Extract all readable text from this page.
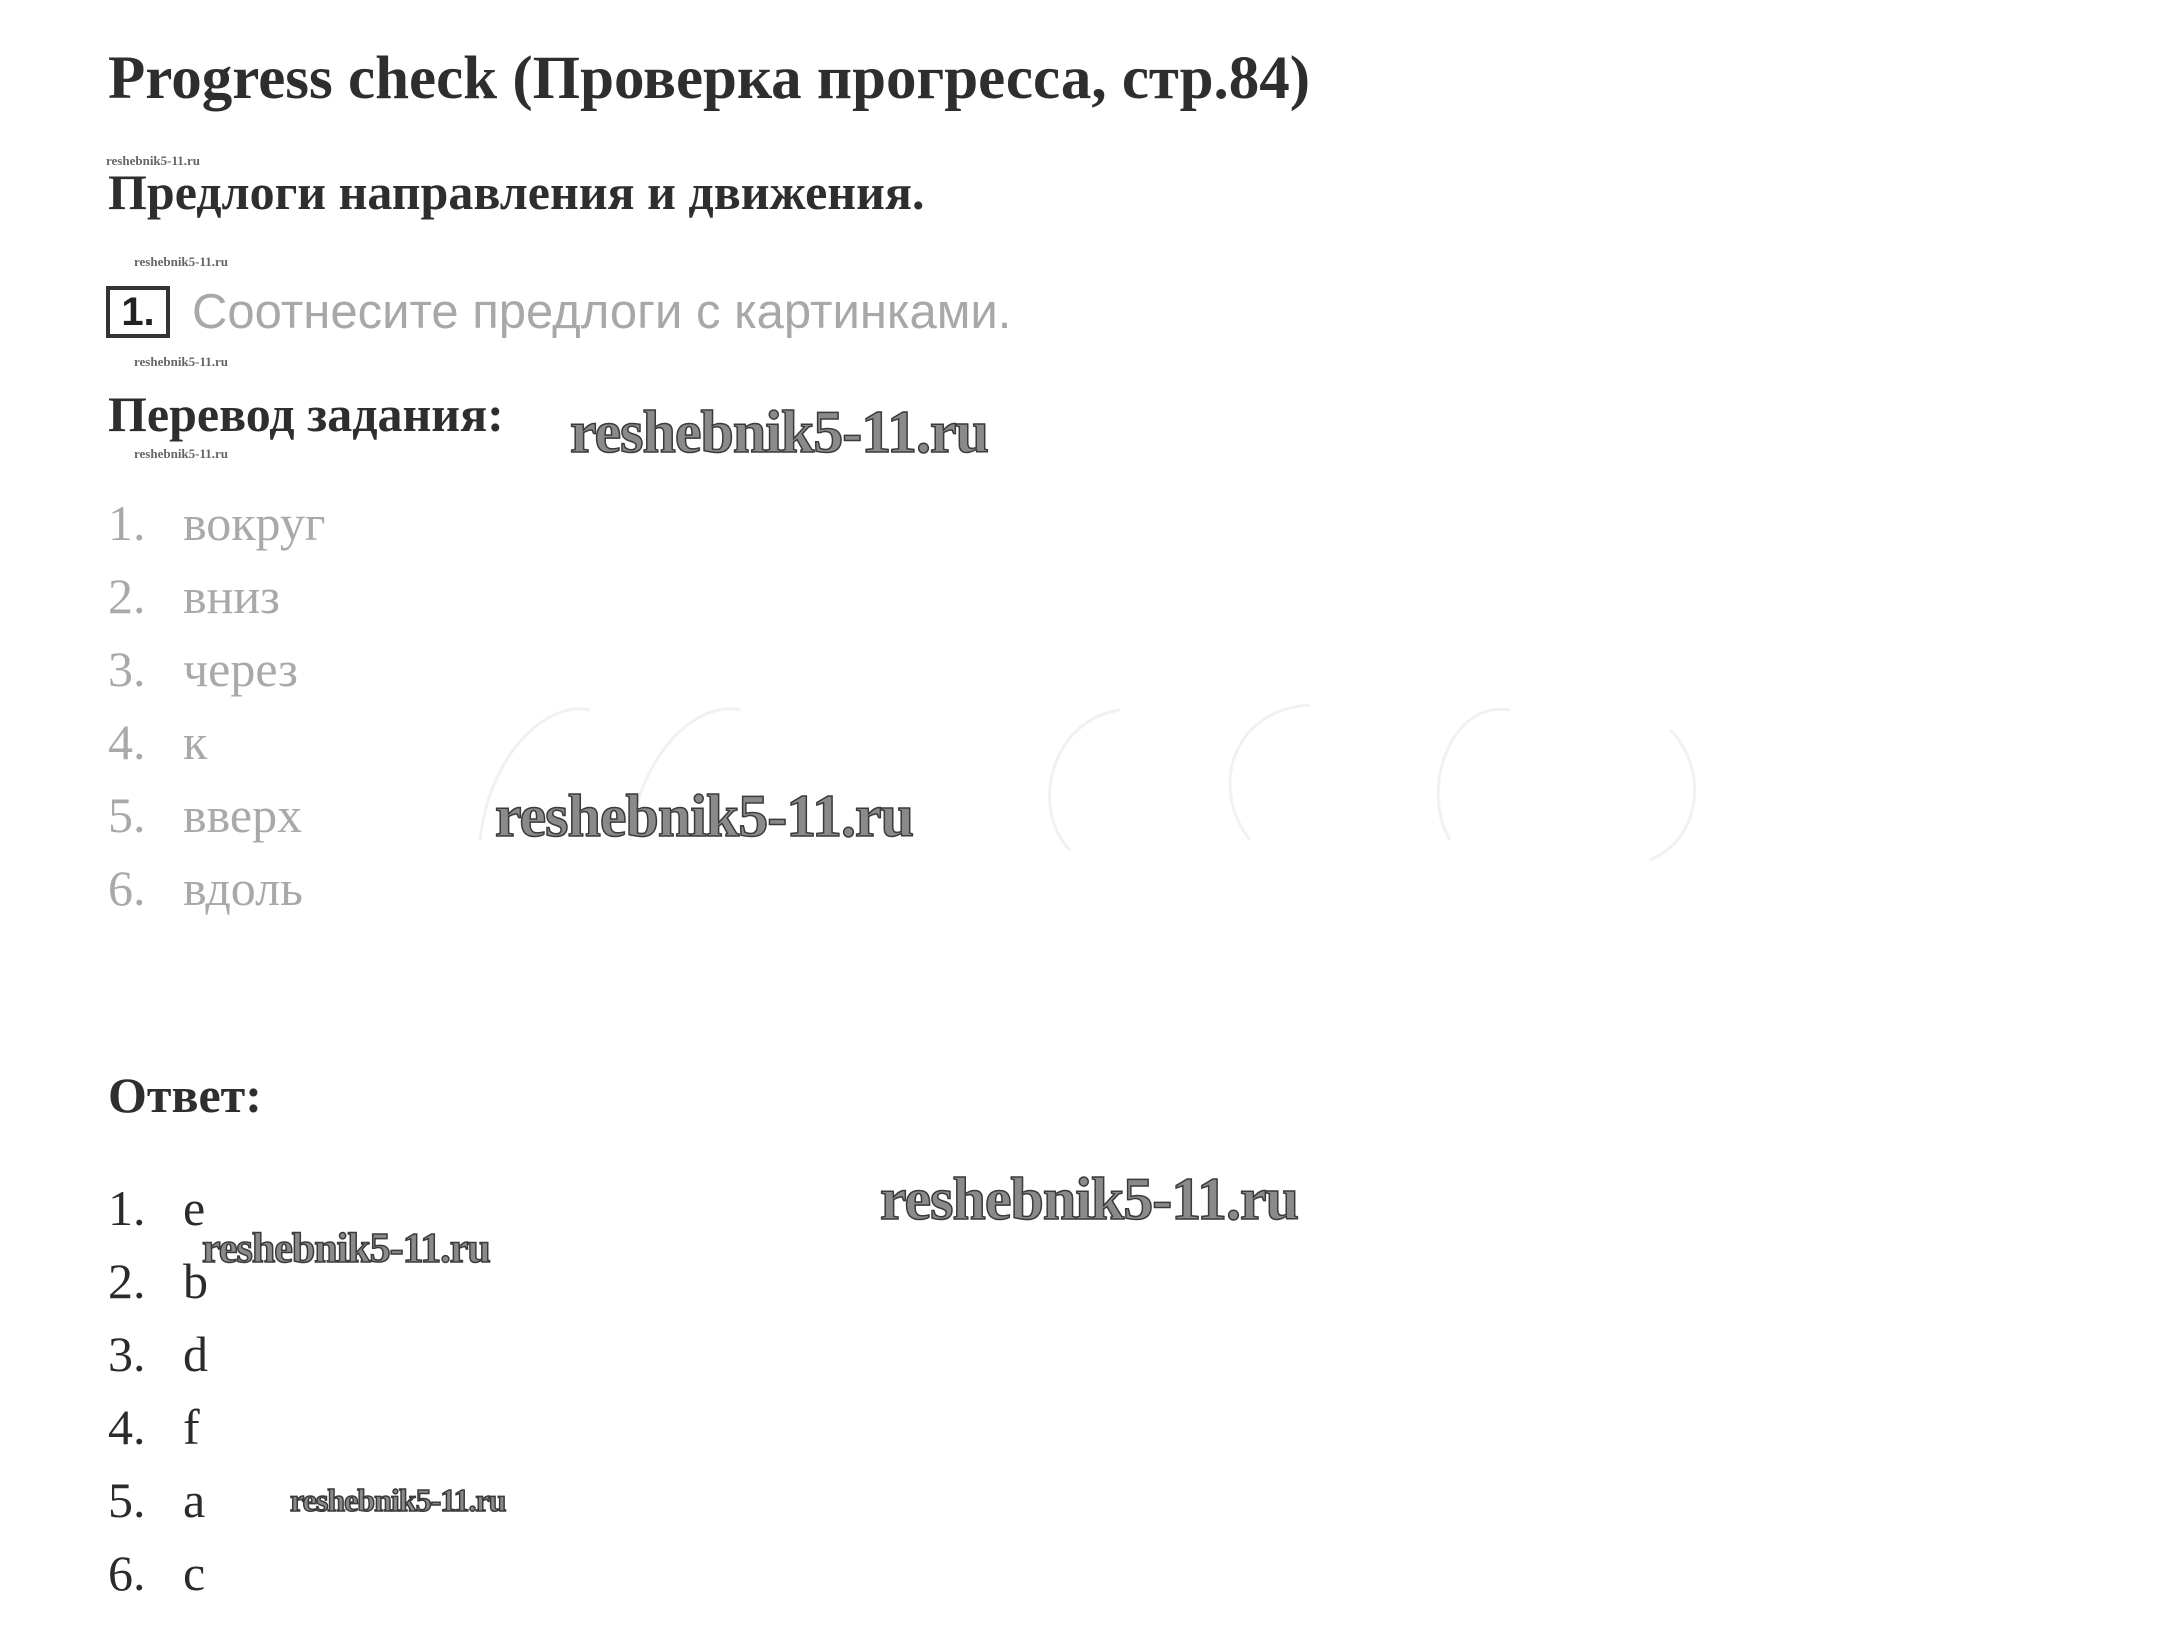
Progress check (Проверка прогресса, стр.84)
reshebnik5-11.ru
Предлоги направления и движения.
reshebnik5-11.ru
1. Соотнесите предлоги с картинками.
reshebnik5-11.ru
Перевод задания:
reshebnik5-11.ru	reshebnik5-11.ru
1. вокруг
2. вниз
3. через
4. к
5. вверх
6. вдоль
reshebnik5-11.ru
Ответ:
reshebnik5-11.ru
1. e
2. b
3. d
4. f
5. a
6. c
reshebnik5-11.ru
reshebnik5-11.ru
